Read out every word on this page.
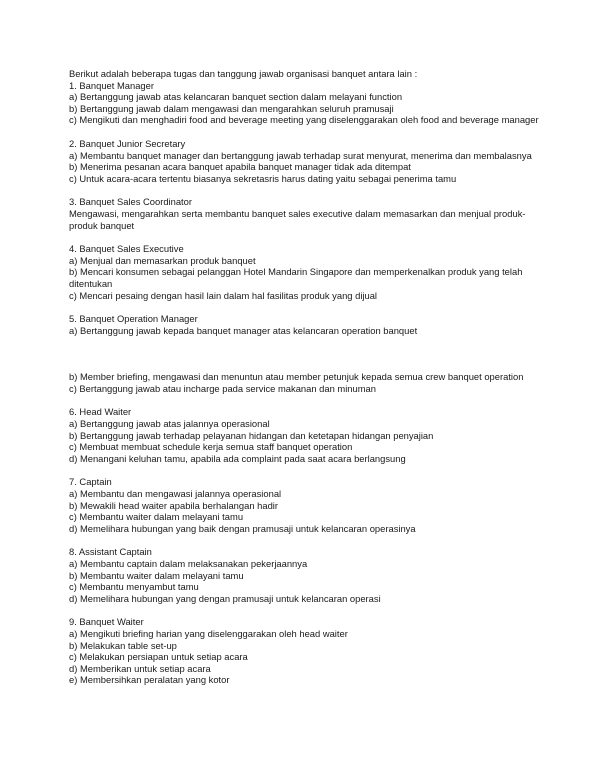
Berikut adalah beberapa tugas dan tanggung jawab organisasi banquet antara lain :
1. Banquet Manager
a) Bertanggung jawab atas kelancaran banquet section dalam melayani function
b) Bertanggung jawab dalam mengawasi dan mengarahkan seluruh pramusaji
c) Mengikuti dan menghadiri food and beverage meeting yang diselenggarakan oleh food and beverage manager
2. Banquet Junior Secretary
a) Membantu banquet manager dan bertanggung jawab terhadap surat menyurat, menerima dan membalasnya
b) Menerima pesanan acara banquet apabila banquet manager tidak ada ditempat
c) Untuk acara-acara tertentu biasanya sekretasris harus dating yaitu sebagai penerima tamu
3. Banquet Sales Coordinator
Mengawasi, mengarahkan serta membantu banquet sales executive dalam memasarkan dan menjual produk-produk banquet
4. Banquet Sales Executive
a) Menjual dan memasarkan produk banquet
b) Mencari konsumen sebagai pelanggan Hotel Mandarin Singapore dan memperkenalkan produk yang telah ditentukan
c) Mencari pesaing dengan hasil lain dalam hal fasilitas produk yang dijual
5. Banquet Operation Manager
a) Bertanggung jawab kepada banquet manager atas kelancaran operation banquet
b) Member briefing, mengawasi dan menuntun atau member petunjuk kepada semua crew banquet operation
c) Bertanggung jawab atau incharge pada service makanan dan minuman
6. Head Waiter
a) Bertanggung jawab atas jalannya operasional
b) Bertanggung jawab terhadap pelayanan hidangan dan ketetapan hidangan penyajian
c) Membuat membuat schedule kerja semua staff banquet operation
d) Menangani keluhan tamu, apabila ada complaint pada saat acara berlangsung
7. Captain
a) Membantu dan mengawasi jalannya operasional
b) Mewakili head waiter apabila berhalangan hadir
c) Membantu waiter dalam melayani tamu
d) Memelihara hubungan yang baik dengan pramusaji untuk kelancaran operasinya
8. Assistant Captain
a) Membantu captain dalam melaksanakan pekerjaannya
b) Membantu waiter dalam melayani tamu
c) Membantu menyambut tamu
d) Memelihara hubungan yang dengan pramusaji untuk kelancaran operasi
9. Banquet Waiter
a) Mengikuti briefing harian yang diselenggarakan oleh head waiter
b) Melakukan table set-up
c) Melakukan persiapan untuk setiap acara
d) Memberikan untuk setiap acara
e) Membersihkan peralatan yang kotor
